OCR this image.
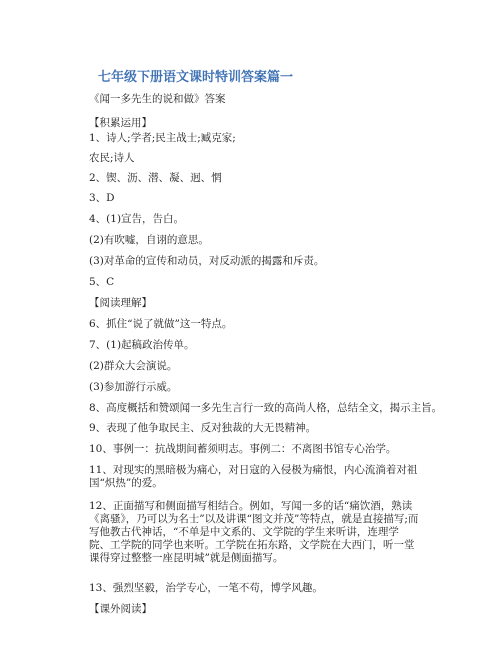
七年级下册语文课时特训答案篇一
《闻一多先生的说和做》答案
【积累运用】
1、诗人;学者;民主战士;臧克家;
农民;诗人
2、锲、沥、潜、凝、迥、惘
3、D
4、(1)宣告，告白。
(2)有吹嘘，自诩的意思。
(3)对革命的宣传和动员，对反动派的揭露和斥责。
5、C
【阅读理解】
6、抓住“说了就做”这一特点。
7、(1)起稿政治传单。
(2)群众大会演说。
(3)参加游行示威。
8、高度概括和赞颂闻一多先生言行一致的高尚人格，总结全文，揭示主旨。
9、表现了他争取民主、反对独裁的大无畏精神。
10、事例一：抗战期间蓄须明志。事例二：不离图书馆专心治学。
11、对现实的黑暗极为痛心，对日寇的入侵极为痛恨，内心流淌着对祖国“炽热”的爱。
12、正面描写和侧面描写相结合。例如，写闻一多的话“痛饮酒，熟读《离骚》，乃可以为名士”以及讲课“图文并茂”等特点，就是直接描写;而写他教古代神话，“不单是中文系的、文学院的学生来听讲，连理学院、工学院的同学也来听。工学院在拓东路，文学院在大西门，听一堂课得穿过整整一座昆明城”就是侧面描写。
13、强烈坚毅，治学专心，一笔不苟，博学风趣。
【课外阅读】
